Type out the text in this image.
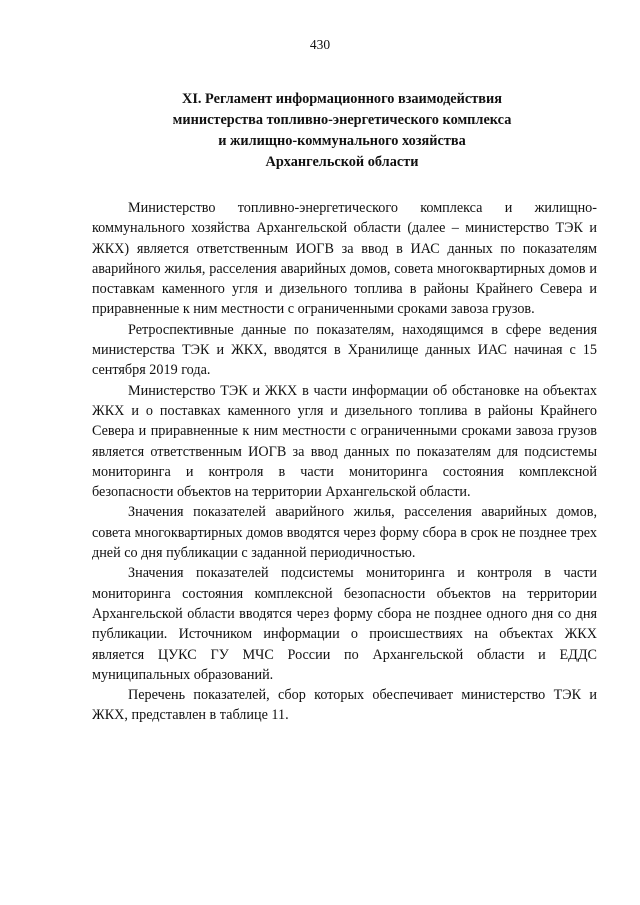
430
XI. Регламент информационного взаимодействия
министерства топливно-энергетического комплекса
и жилищно-коммунального хозяйства
Архангельской области

Министерство топливно-энергетического комплекса и жилищно-коммунального хозяйства Архангельской области (далее – министерство ТЭК и ЖКХ) является ответственным ИОГВ за ввод в ИАС данных по показателям аварийного жилья, расселения аварийных домов, совета многоквартирных домов и поставкам каменного угля и дизельного топлива в районы Крайнего Севера и приравненные к ним местности с ограниченными сроками завоза грузов.

Ретроспективные данные по показателям, находящимся в сфере ведения министерства ТЭК и ЖКХ, вводятся в Хранилище данных ИАС начиная с 15 сентября 2019 года.

Министерство ТЭК и ЖКХ в части информации об обстановке на объектах ЖКХ и о поставках каменного угля и дизельного топлива в районы Крайнего Севера и приравненные к ним местности с ограниченными сроками завоза грузов является ответственным ИОГВ за ввод данных по показателям для подсистемы мониторинга и контроля в части мониторинга состояния комплексной безопасности объектов на территории Архангельской области.

Значения показателей аварийного жилья, расселения аварийных домов, совета многоквартирных домов вводятся через форму сбора в срок не позднее трех дней со дня публикации с заданной периодичностью.

Значения показателей подсистемы мониторинга и контроля в части мониторинга состояния комплексной безопасности объектов на территории Архангельской области вводятся через форму сбора не позднее одного дня со дня публикации. Источником информации о происшествиях на объектах ЖКХ является ЦУКС ГУ МЧС России по Архангельской области и ЕДДС муниципальных образований.

Перечень показателей, сбор которых обеспечивает министерство ТЭК и ЖКХ, представлен в таблице 11.
